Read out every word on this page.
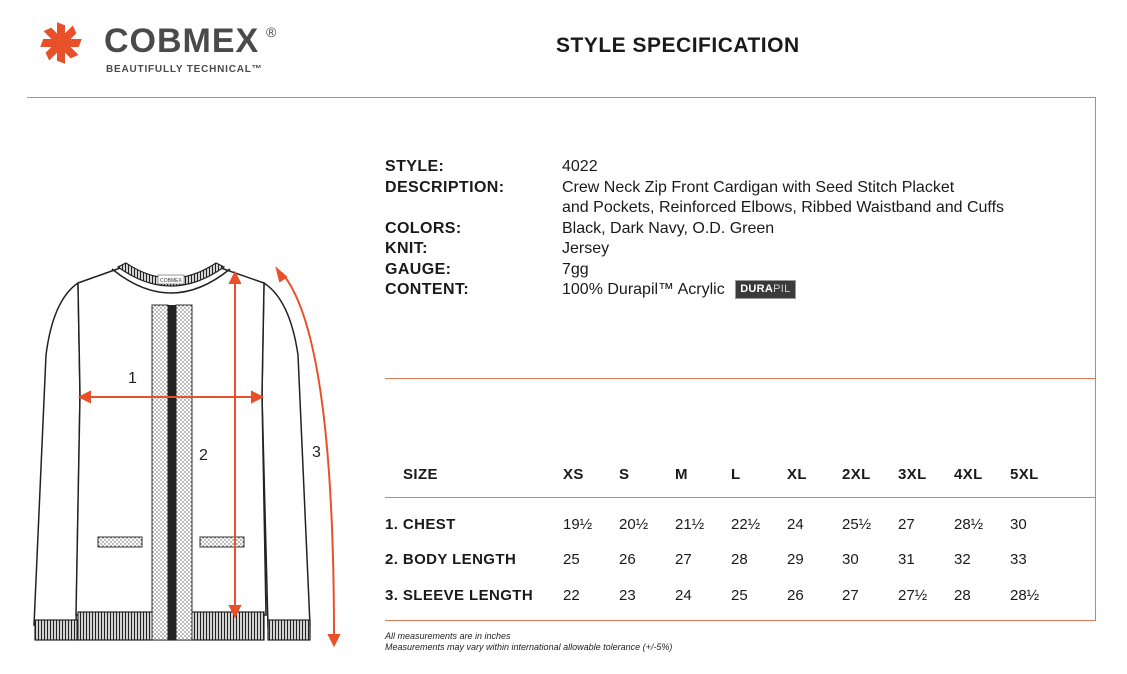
COBMEX ®
BEAUTIFULLY TECHNICAL™
STYLE SPECIFICATION
STYLE:	4022
DESCRIPTION:	Crew Neck Zip Front Cardigan with Seed Stitch Placket
and Pockets, Reinforced Elbows, Ribbed Waistband and Cuffs
COLORS:	Black, Dark Navy, O.D. Green
KNIT:	Jersey
GAUGE:	7gg
CONTENT:	100% Durapil™ Acrylic DURAPIL
SIZE	XS S	M	L	XL 2XL 3XL 4XL 5XL
1. CHEST	19½ 20½ 21½ 22½ 24	25½ 27	28½ 30
2. BODY LENGTH	25	26	27	28	29	30	31	32	33
3. SLEEVE LENGTH 22	23	24	25	26	27	27½ 28	28½
All measurements are in inches
Measurements may vary within international allowable tolerance (+/-5%)
COBMEX
1
2	3
